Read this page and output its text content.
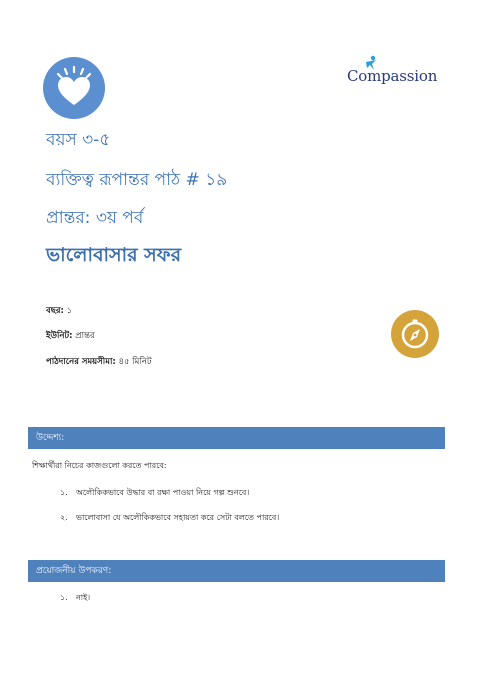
Compassion
বয়স ৩-৫
ব্যক্তিত্ব রূপান্তর পাঠ # ১৯
প্রান্তর: ৩য় পর্ব
ভালোবাসার সফর
বছর: ১
ইউনিট: প্রান্তর
পাঠদানের সময়সীমা: ৪৫ মিনিট
উদ্দেশ্য:
শিক্ষার্থীরা নিচের কাজগুলো করতে পারবে:
১. অলৌকিকভাবে উদ্ধার বা রক্ষা পাওয়া নিয়ে গল্প শুনবে।
২. ভালোবাসা যে অলৌকিকভাবে সহায়তা করে সেটা বলতে পারবে।
প্রয়োজনীয় উপকরণ:
১. নাই।
